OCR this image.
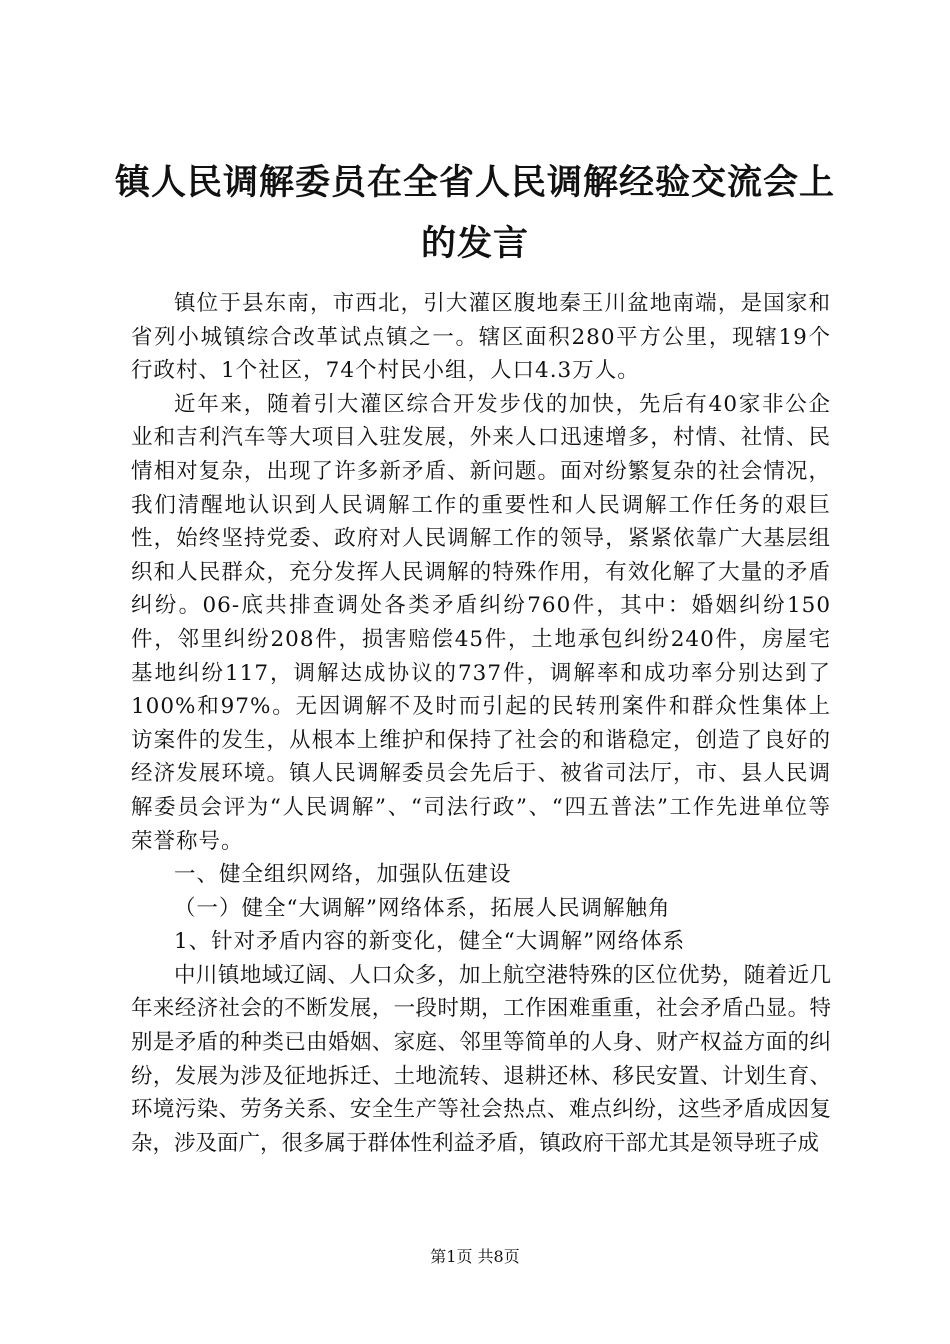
镇人民调解委员在全省人民调解经验交流会上
的发言

镇位于县东南，市西北，引大灌区腹地秦王川盆地南端，是国家和省列小城镇综合改革试点镇之一。辖区面积280平方公里，现辖19个行政村、1个社区，74个村民小组，人口4.3万人。

近年来，随着引大灌区综合开发步伐的加快，先后有40家非公企业和吉利汽车等大项目入驻发展，外来人口迅速增多，村情、社情、民情相对复杂，出现了许多新矛盾、新问题。面对纷繁复杂的社会情况，我们清醒地认识到人民调解工作的重要性和人民调解工作任务的艰巨性，始终坚持党委、政府对人民调解工作的领导，紧紧依靠广大基层组织和人民群众，充分发挥人民调解的特殊作用，有效化解了大量的矛盾纠纷。06-底共排查调处各类矛盾纠纷760件，其中：婚姻纠纷150件，邻里纠纷208件，损害赔偿45件，土地承包纠纷240件，房屋宅基地纠纷117，调解达成协议的737件，调解率和成功率分别达到了100%和97%。无因调解不及时而引起的民转刑案件和群众性集体上访案件的发生，从根本上维护和保持了社会的和谐稳定，创造了良好的经济发展环境。镇人民调解委员会先后于、被省司法厅，市、县人民调解委员会评为“人民调解”、“司法行政”、“四五普法”工作先进单位等荣誉称号。

一、健全组织网络，加强队伍建设

（一）健全“大调解”网络体系，拓展人民调解触角

1、针对矛盾内容的新变化，健全“大调解”网络体系

中川镇地域辽阔、人口众多，加上航空港特殊的区位优势，随着近几年来经济社会的不断发展，一段时期，工作困难重重，社会矛盾凸显。特别是矛盾的种类已由婚姻、家庭、邻里等简单的人身、财产权益方面的纠纷，发展为涉及征地拆迁、土地流转、退耕还林、移民安置、计划生育、环境污染、劳务关系、安全生产等社会热点、难点纠纷，这些矛盾成因复杂，涉及面广，很多属于群体性利益矛盾，镇政府干部尤其是领导班子成

第1页 共8页
